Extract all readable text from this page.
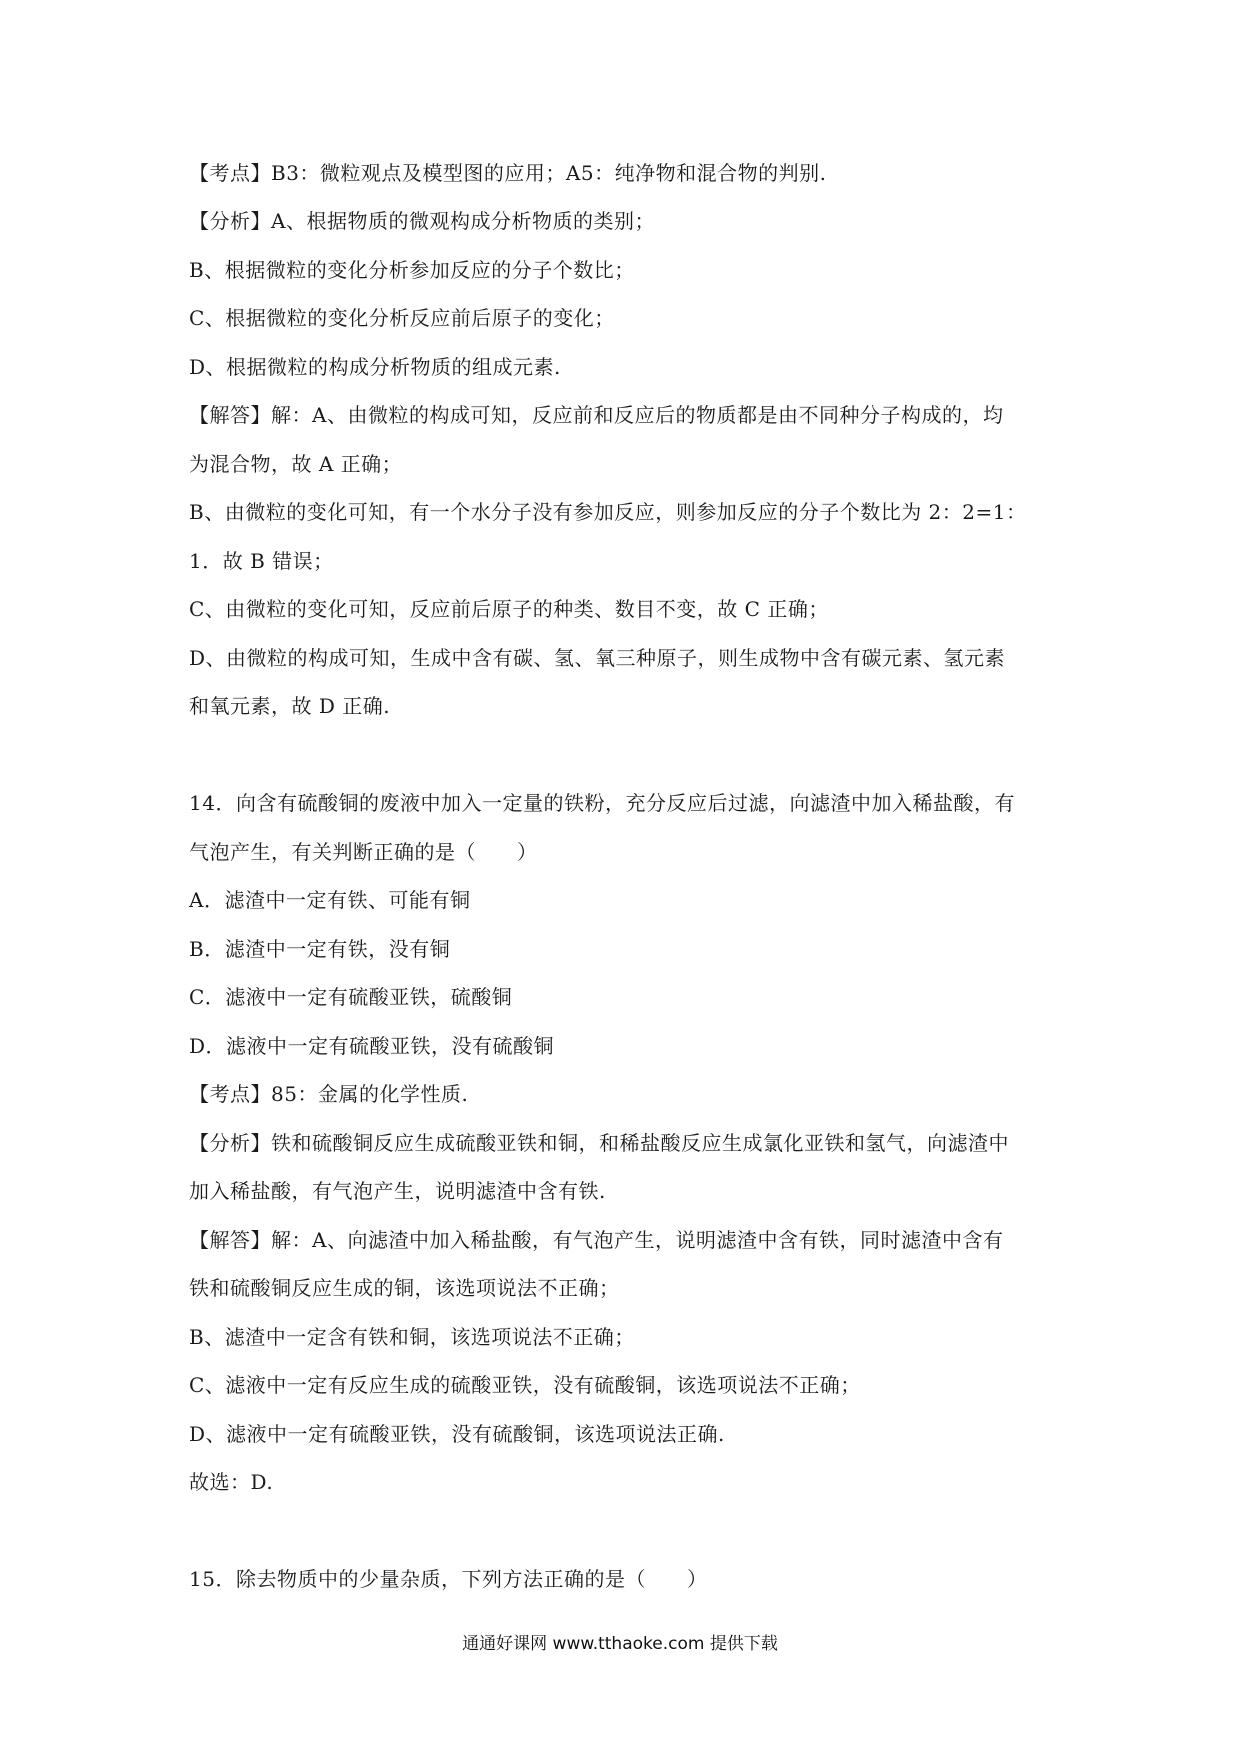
【考点】B3：微粒观点及模型图的应用；A5：纯净物和混合物的判别.
【分析】A、根据物质的微观构成分析物质的类别；
B、根据微粒的变化分析参加反应的分子个数比；
C、根据微粒的变化分析反应前后原子的变化；
D、根据微粒的构成分析物质的组成元素.
【解答】解：A、由微粒的构成可知，反应前和反应后的物质都是由不同种分子构成的，均
为混合物，故 A 正确；
B、由微粒的变化可知，有一个水分子没有参加反应，则参加反应的分子个数比为 2：2=1：
1．故 B 错误；
C、由微粒的变化可知，反应前后原子的种类、数目不变，故 C 正确；
D、由微粒的构成可知，生成中含有碳、氢、氧三种原子，则生成物中含有碳元素、氢元素
和氧元素，故 D 正确.
14．向含有硫酸铜的废液中加入一定量的铁粉，充分反应后过滤，向滤渣中加入稀盐酸，有
气泡产生，有关判断正确的是（　　）
A．滤渣中一定有铁、可能有铜
B．滤渣中一定有铁，没有铜
C．滤液中一定有硫酸亚铁，硫酸铜
D．滤液中一定有硫酸亚铁，没有硫酸铜
【考点】85：金属的化学性质.
【分析】铁和硫酸铜反应生成硫酸亚铁和铜，和稀盐酸反应生成氯化亚铁和氢气，向滤渣中
加入稀盐酸，有气泡产生，说明滤渣中含有铁.
【解答】解：A、向滤渣中加入稀盐酸，有气泡产生，说明滤渣中含有铁，同时滤渣中含有
铁和硫酸铜反应生成的铜，该选项说法不正确；
B、滤渣中一定含有铁和铜，该选项说法不正确；
C、滤液中一定有反应生成的硫酸亚铁，没有硫酸铜，该选项说法不正确；
D、滤液中一定有硫酸亚铁，没有硫酸铜，该选项说法正确.
故选：D.
15．除去物质中的少量杂质，下列方法正确的是（　　）
通通好课网 www.tthaoke.com 提供下载
